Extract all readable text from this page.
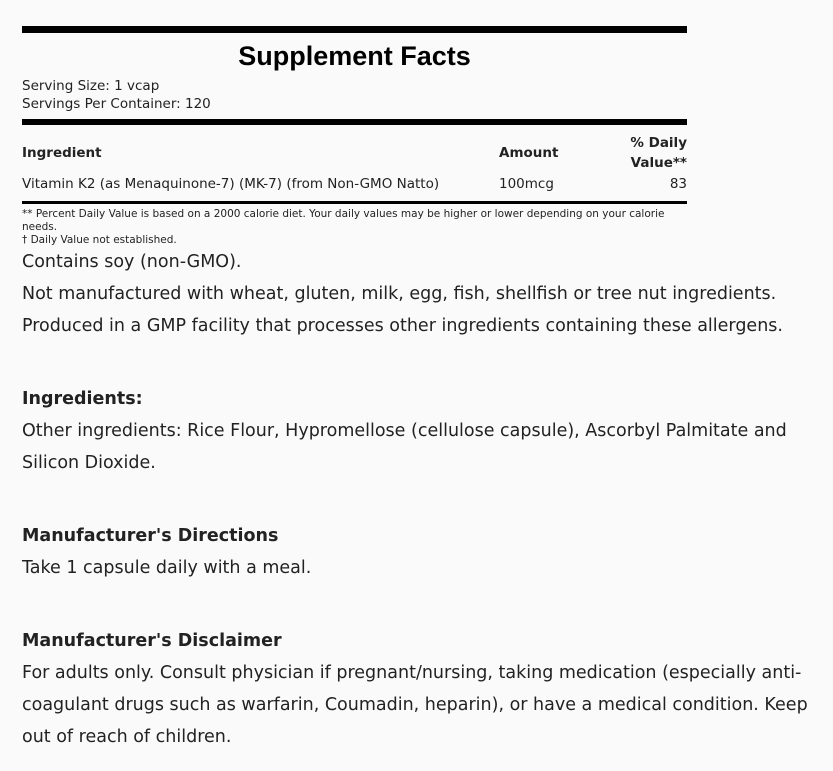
Supplement Facts
Serving Size: 1 vcap
Servings Per Container: 120
Ingredient	Amount	% Daily Value**
Vitamin K2 (as Menaquinone-7) (MK-7) (from Non-GMO Natto)	100mcg	83
** Percent Daily Value is based on a 2000 calorie diet. Your daily values may be higher or lower depending on your calorie needs.
† Daily Value not established.

Contains soy (non-GMO).

Not manufactured with wheat, gluten, milk, egg, fish, shellfish or tree nut ingredients. Produced in a GMP facility that processes other ingredients containing these allergens.

Ingredients:

Other ingredients: Rice Flour, Hypromellose (cellulose capsule), Ascorbyl Palmitate and Silicon Dioxide.

Manufacturer's Directions

Take 1 capsule daily with a meal.

Manufacturer's Disclaimer

For adults only. Consult physician if pregnant/nursing, taking medication (especially anti-coagulant drugs such as warfarin, Coumadin, heparin), or have a medical condition. Keep out of reach of children.
